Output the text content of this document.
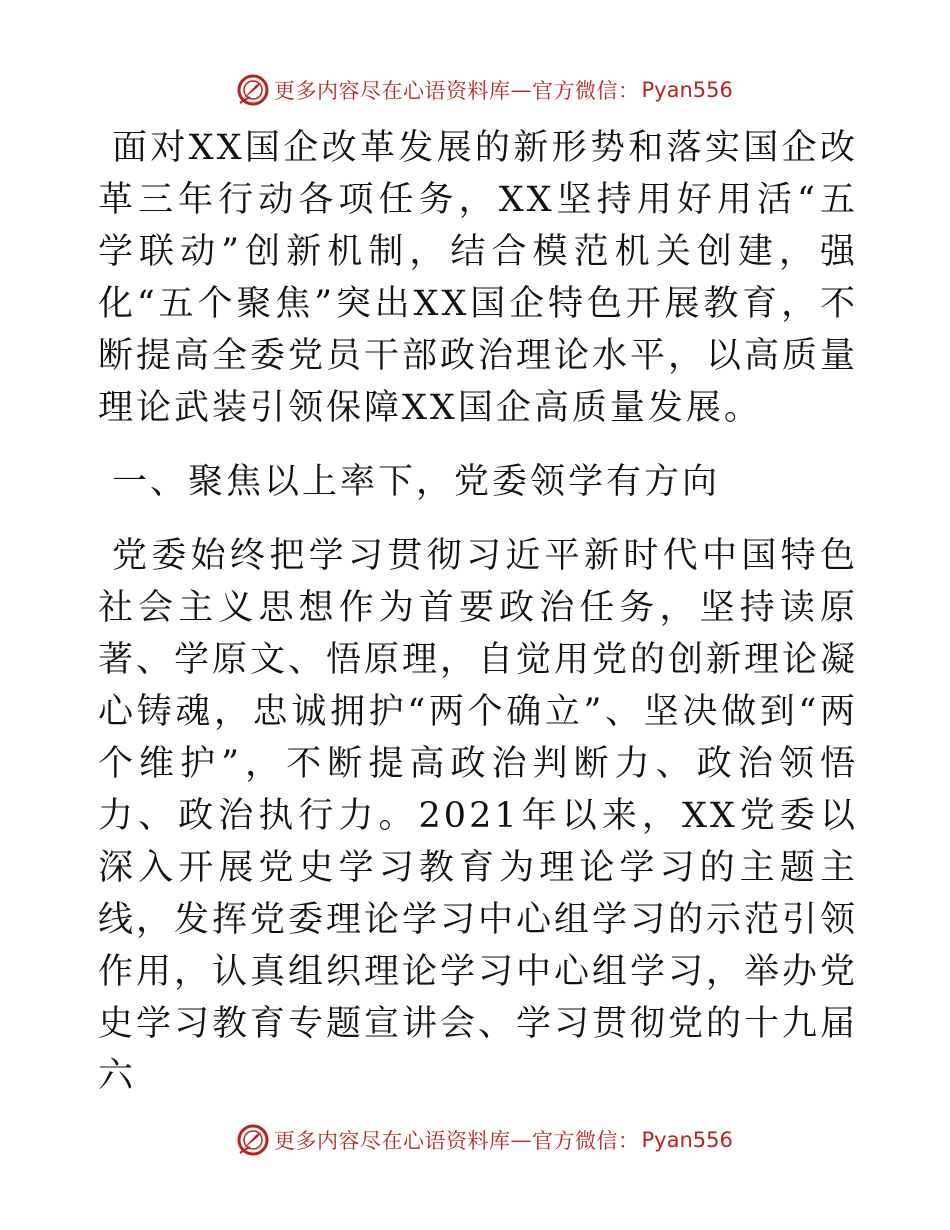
更多内容尽在心语资料库 — 官方微信： Pyan556

面对XX国企改革发展的新形势和落实国企改革三年行动各项任务，XX坚持用好用活“五学联动”创新机制，结合模范机关创建，强化“五个聚焦”突出XX国企特色开展教育，不断提高全委党员干部政治理论水平，以高质量理论武装引领保障XX国企高质量发展。

一、聚焦以上率下，党委领学有方向

党委始终把学习贯彻习近平新时代中国特色社会主义思想作为首要政治任务，坚持读原著、学原文、悟原理，自觉用党的创新理论凝心铸魂，忠诚拥护“两个确立”、坚决做到“两个维护”，不断提高政治判断力、政治领悟力、政治执行力。2021年以来，XX党委以深入开展党史学习教育为理论学习的主题主线，发挥党委理论学习中心组学习的示范引领作用，认真组织理论学习中心组学习，举办党史学习教育专题宣讲会、学习贯彻党的十九届六

更多内容尽在心语资料库 — 官方微信： Pyan556
